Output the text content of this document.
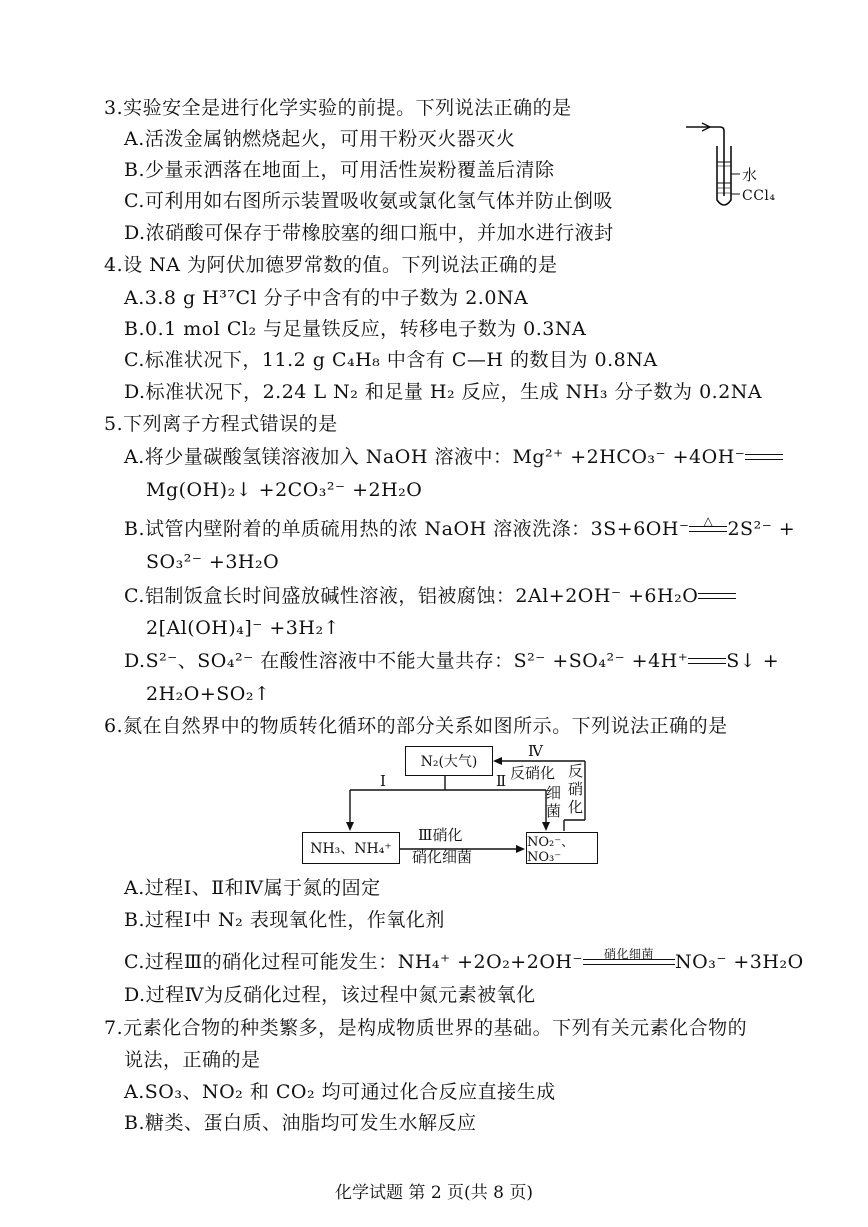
3.实验安全是进行化学实验的前提。下列说法正确的是
A.活泼金属钠燃烧起火，可用干粉灭火器灭火
B.少量汞洒落在地面上，可用活性炭粉覆盖后清除
C.可利用如右图所示装置吸收氨或氯化氢气体并防止倒吸
D.浓硝酸可保存于带橡胶塞的细口瓶中，并加水进行液封
水
CCl₄
4.设 NA 为阿伏加德罗常数的值。下列说法正确的是
A.3.8 g H³⁷Cl 分子中含有的中子数为 2.0NA
B.0.1 mol Cl₂ 与足量铁反应，转移电子数为 0.3NA
C.标准状况下，11.2 g C₄H₈ 中含有 C—H 的数目为 0.8NA
D.标准状况下，2.24 L N₂ 和足量 H₂ 反应，生成 NH₃ 分子数为 0.2NA
5.下列离子方程式错误的是
A.将少量碳酸氢镁溶液加入 NaOH 溶液中：Mg²⁺ +2HCO₃⁻ +4OH⁻
Mg(OH)₂↓ +2CO₃²⁻ +2H₂O
B.试管内壁附着的单质硫用热的浓 NaOH 溶液洗涤：3S+6OH⁻ △ 2S²⁻ +
SO₃²⁻ +3H₂O
C.铝制饭盒长时间盛放碱性溶液，铝被腐蚀：2Al+2OH⁻ +6H₂O
2[Al(OH)₄]⁻ +3H₂↑
D.S²⁻、SO₄²⁻ 在酸性溶液中不能大量共存：S²⁻ +SO₄²⁻ +4H⁺ S↓ +
2H₂O+SO₂↑
6.氮在自然界中的物质转化循环的部分关系如图所示。下列说法正确的是
N₂(大气)
NH₃、NH₄⁺	NO₂⁻、NO₃⁻
Ⅰ	Ⅱ
Ⅲ硝化
硝化细菌
Ⅳ
反硝化
细菌
反硝化
A.过程Ⅰ、Ⅱ和Ⅳ属于氮的固定
B.过程Ⅰ中 N₂ 表现氧化性，作氧化剂
C.过程Ⅲ的硝化过程可能发生：NH₄⁺ +2O₂+2OH⁻	硝化细菌	NO₃⁻ +3H₂O
D.过程Ⅳ为反硝化过程，该过程中氮元素被氧化
7.元素化合物的种类繁多，是构成物质世界的基础。下列有关元素化合物的
说法，正确的是
A.SO₃、NO₂ 和 CO₂ 均可通过化合反应直接生成
B.糖类、蛋白质、油脂均可发生水解反应
化学试题 第 2 页(共 8 页)
